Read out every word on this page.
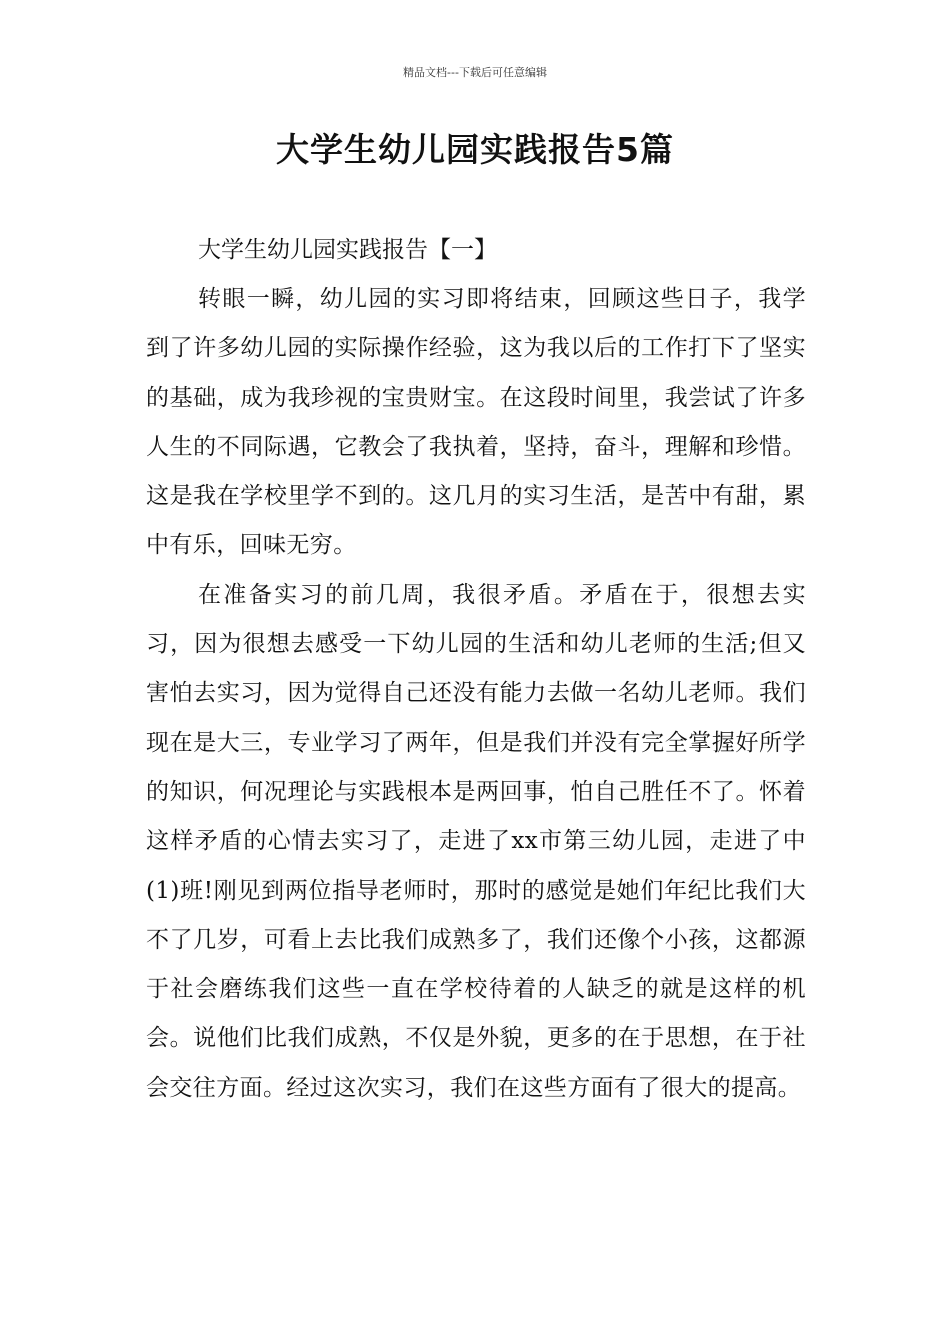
精品文档---下载后可任意编辑
大学生幼儿园实践报告5篇

大学生幼儿园实践报告【一】

转眼一瞬，幼儿园的实习即将结束，回顾这些日子，我学到了许多幼儿园的实际操作经验，这为我以后的工作打下了坚实的基础，成为我珍视的宝贵财宝。在这段时间里，我尝试了许多人生的不同际遇，它教会了我执着，坚持，奋斗，理解和珍惜。这是我在学校里学不到的。这几月的实习生活，是苦中有甜，累中有乐，回味无穷。

在准备实习的前几周，我很矛盾。矛盾在于，很想去实习，因为很想去感受一下幼儿园的生活和幼儿老师的生活;但又害怕去实习，因为觉得自己还没有能力去做一名幼儿老师。我们现在是大三，专业学习了两年，但是我们并没有完全掌握好所学的知识，何况理论与实践根本是两回事，怕自己胜任不了。怀着这样矛盾的心情去实习了，走进了xx市第三幼儿园，走进了中(1)班!刚见到两位指导老师时，那时的感觉是她们年纪比我们大不了几岁，可看上去比我们成熟多了，我们还像个小孩，这都源于社会磨练我们这些一直在学校待着的人缺乏的就是这样的机会。说他们比我们成熟，不仅是外貌，更多的在于思想，在于社会交往方面。经过这次实习，我们在这些方面有了很大的提高。
